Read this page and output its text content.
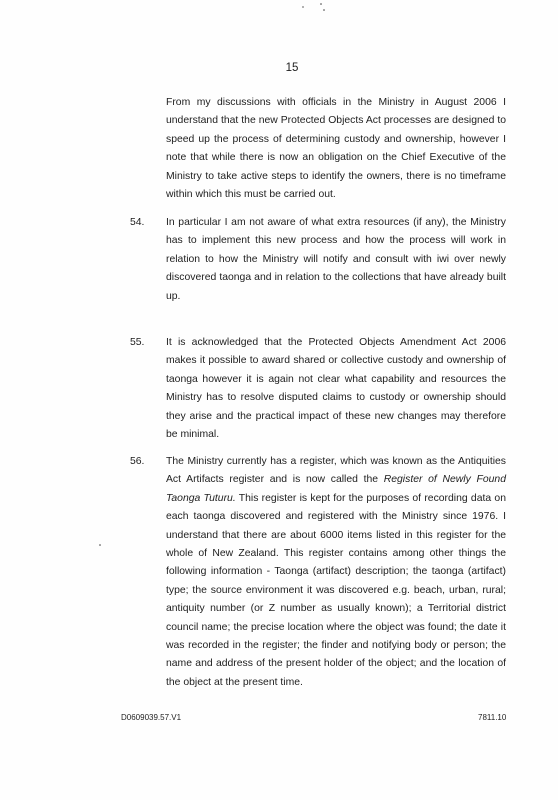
15
From my discussions with officials in the Ministry in August 2006 I understand that the new Protected Objects Act processes are designed to speed up the process of determining custody and ownership, however I note that while there is now an obligation on the Chief Executive of the Ministry to take active steps to identify the owners, there is no timeframe within which this must be carried out.
54. In particular I am not aware of what extra resources (if any), the Ministry has to implement this new process and how the process will work in relation to how the Ministry will notify and consult with iwi over newly discovered taonga and in relation to the collections that have already built up.
55. It is acknowledged that the Protected Objects Amendment Act 2006 makes it possible to award shared or collective custody and ownership of taonga however it is again not clear what capability and resources the Ministry has to resolve disputed claims to custody or ownership should they arise and the practical impact of these new changes may therefore be minimal.
56. The Ministry currently has a register, which was known as the Antiquities Act Artifacts register and is now called the Register of Newly Found Taonga Tuturu. This register is kept for the purposes of recording data on each taonga discovered and registered with the Ministry since 1976. I understand that there are about 6000 items listed in this register for the whole of New Zealand. This register contains among other things the following information - Taonga (artifact) description; the taonga (artifact) type; the source environment it was discovered e.g. beach, urban, rural; antiquity number (or Z number as usually known); a Territorial district council name; the precise location where the object was found; the date it was recorded in the register; the finder and notifying body or person; the name and address of the present holder of the object; and the location of the object at the present time.
D0609039.57.V1	7811.10
